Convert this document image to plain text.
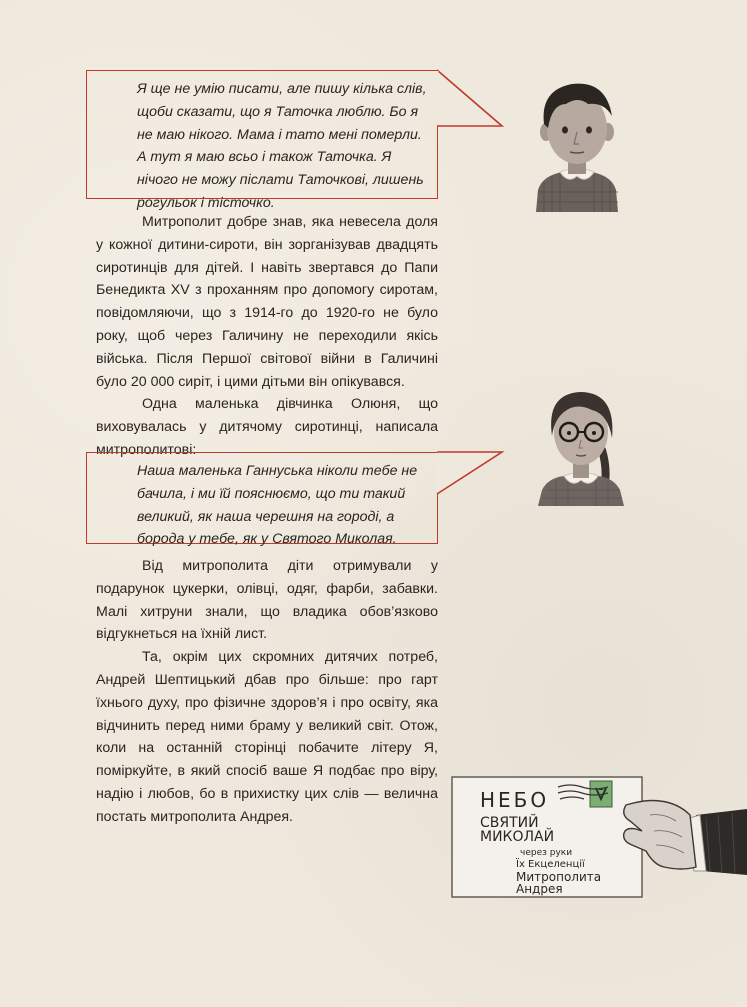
Я ще не умію писати, але пишу кілька слів, щоби сказати, що я Таточка люблю. Бо я не маю нікого. Мама і тато мені померли. А тут я маю всьо і також Таточка. Я нічого не можу післати Таточкові, лишень рогульок і тісточко.

Митрополит добре знав, яка невесела доля у кожної дитини-сироти, він зорганізував двадцять сиротинців для дітей. І навіть звертався до Папи Бенедикта XV з проханням про допомогу сиротам, повідомляючи, що з 1914-го до 1920-го не було року, щоб через Галичину не переходили якісь війська. Після Першої світової війни в Галичині було 20 000 сиріт, і цими дітьми він опікувався.

Одна маленька дівчинка Олюня, що виховувалась у дитячому сиротинці, написала митрополитові:

Наша маленька Ганнуська ніколи тебе не бачила, і ми їй пояснюємо, що ти такий великий, як наша черешня на городі, а борода у тебе, як у Святого Миколая.

Від митрополита діти отримували у подарунок цукерки, олівці, одяг, фарби, забавки. Малі хитруни знали, що владика обов’язково відгукнеться на їхній лист.

Та, окрім цих скромних дитячих потреб, Андрей Шептицький дбав про більше: про гарт їхнього духу, про фізичне здоров’я і про освіту, яка відчинить перед ними браму у великий світ. Отож, коли на останній сторінці побачите літеру Я, поміркуйте, в який спосіб ваше Я подбає про віру, надію і любов, бо в прихистку цих слів — велична постать митрополита Андрея.

НЕБО
СВЯТИЙ
МИКОЛАЙ
через руки
Їх Екцеленції
Митрополита
Андрея
